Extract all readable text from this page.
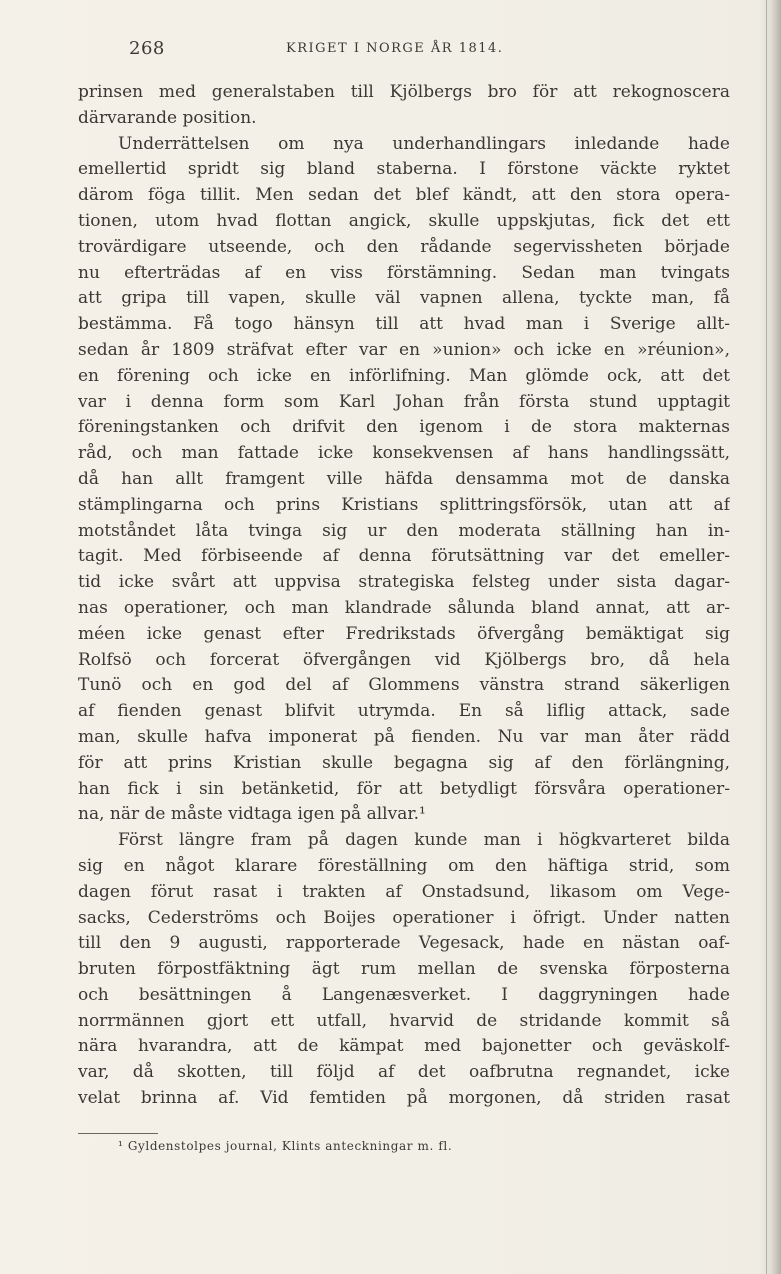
268	KRIGET I NORGE ÅR 1814.
prinsen med generalstaben till Kjölbergs bro för att rekognoscera
därvarande position.
Underrättelsen om nya underhandlingars inledande hade
emellertid spridt sig bland staberna. I förstone väckte ryktet
därom föga tillit. Men sedan det blef kändt, att den stora opera-
tionen, utom hvad flottan angick, skulle uppskjutas, fick det ett
trovärdigare utseende, och den rådande segervissheten började
nu efterträdas af en viss förstämning. Sedan man tvingats
att gripa till vapen, skulle väl vapnen allena, tyckte man, få
bestämma. Få togo hänsyn till att hvad man i Sverige allt-
sedan år 1809 sträfvat efter var en »union» och icke en »réunion»,
en förening och icke en införlifning. Man glömde ock, att det
var i denna form som Karl Johan från första stund upptagit
föreningstanken och drifvit den igenom i de stora makternas
råd, och man fattade icke konsekvensen af hans handlingssätt,
då han allt framgent ville häfda densamma mot de danska
stämplingarna och prins Kristians splittringsförsök, utan att af
motståndet låta tvinga sig ur den moderata ställning han in-
tagit. Med förbiseende af denna förutsättning var det emeller-
tid icke svårt att uppvisa strategiska felsteg under sista dagar-
nas operationer, och man klandrade sålunda bland annat, att ar-
méen icke genast efter Fredrikstads öfvergång bemäktigat sig
Rolfsö och forcerat öfvergången vid Kjölbergs bro, då hela
Tunö och en god del af Glommens vänstra strand säkerligen
af fienden genast blifvit utrymda. En så liflig attack, sade
man, skulle hafva imponerat på fienden. Nu var man åter rädd
för att prins Kristian skulle begagna sig af den förlängning,
han fick i sin betänketid, för att betydligt försvåra operationer-
na, när de måste vidtaga igen på allvar.¹
Först längre fram på dagen kunde man i högkvarteret bilda
sig en något klarare föreställning om den häftiga strid, som
dagen förut rasat i trakten af Onstadsund, likasom om Vege-
sacks, Cederströms och Boijes operationer i öfrigt. Under natten
till den 9 augusti, rapporterade Vegesack, hade en nästan oaf-
bruten förpostfäktning ägt rum mellan de svenska förposterna
och besättningen å Langenæsverket. I daggryningen hade
norrmännen gjort ett utfall, hvarvid de stridande kommit så
nära hvarandra, att de kämpat med bajonetter och geväskolf-
var, då skotten, till följd af det oafbrutna regnandet, icke
velat brinna af. Vid femtiden på morgonen, då striden rasat
¹ Gyldenstolpes journal, Klints anteckningar m. fl.
